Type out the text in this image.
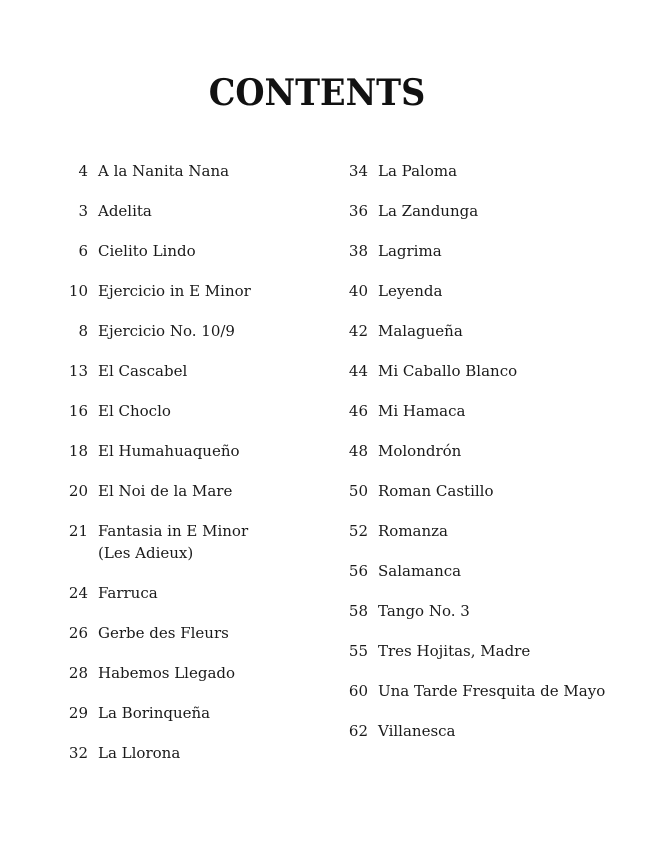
CONTENTS
4 A la Nanita Nana
3 Adelita
6 Cielito Lindo
10 Ejercicio in E Minor
8 Ejercicio No. 10/9
13 El Cascabel
16 El Choclo
18 El Humahuaqueño
20 El Noi de la Mare
21 Fantasia in E Minor
(Les Adieux)
24 Farruca
26 Gerbe des Fleurs
28 Habemos Llegado
29 La Borinqueña
32 La Llorona
34 La Paloma
36 La Zandunga
38 Lagrima
40 Leyenda
42 Malagueña
44 Mi Caballo Blanco
46 Mi Hamaca
48 Molondrón
50 Roman Castillo
52 Romanza
56 Salamanca
58 Tango No. 3
55 Tres Hojitas, Madre
60 Una Tarde Fresquita de Mayo
62 Villanesca
